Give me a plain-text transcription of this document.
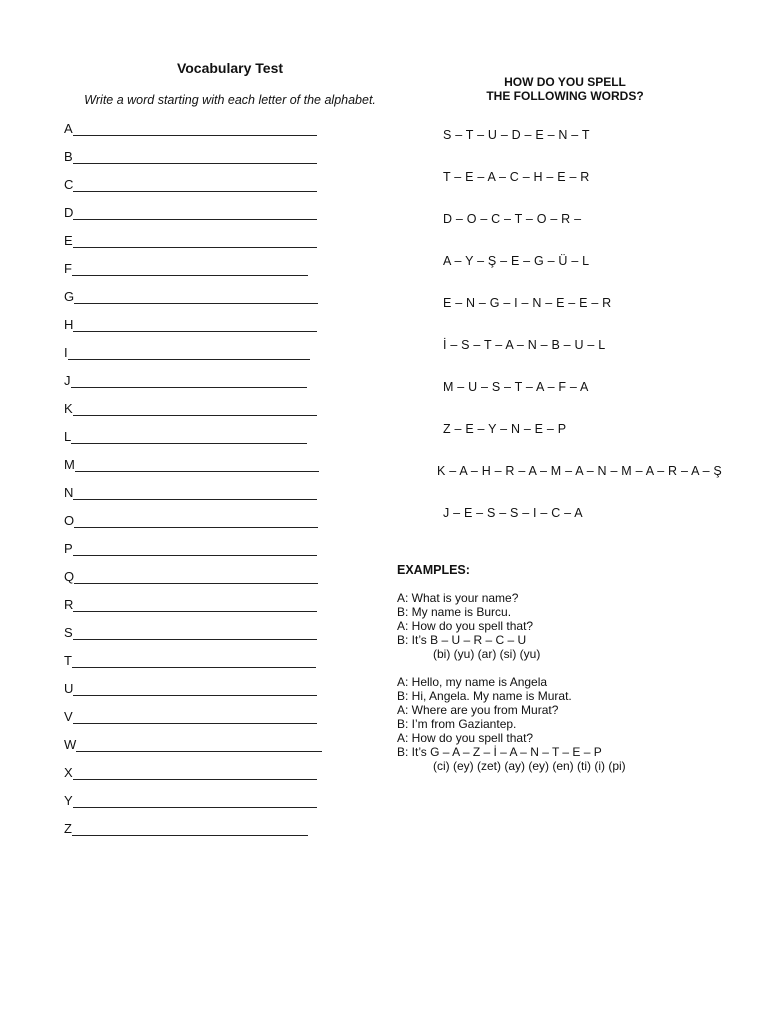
Vocabulary Test
Write a word starting with each letter of the alphabet.
A
B
C
D
E
F
G
H
I
J
K
L
M
N
O
P
Q
R
S
T
U
V
W
X
Y
Z
HOW DO YOU SPELL
THE FOLLOWING WORDS?
S – T – U – D – E – N – T
T – E – A – C – H – E – R
D – O – C – T – O – R –
A – Y – Ş – E – G – Ü – L
E – N – G – I – N – E – E – R
İ – S – T – A – N – B – U – L
M – U – S – T – A – F – A
Z – E – Y – N – E – P
K – A – H – R – A – M – A – N – M – A – R – A – Ş
J – E – S – S – I – C – A
EXAMPLES:
A: What is your name?
B: My name is Burcu.
A: How do you spell that?
B: It’s B – U – R – C – U
(bi) (yu) (ar) (si) (yu)
A: Hello, my name is Angela
B: Hi, Angela. My name is Murat.
A: Where are you from Murat?
B: I’m from Gaziantep.
A: How do you spell that?
B: It’s G – A – Z – İ – A – N – T – E – P
(ci) (ey) (zet) (ay) (ey) (en) (ti) (i) (pi)
